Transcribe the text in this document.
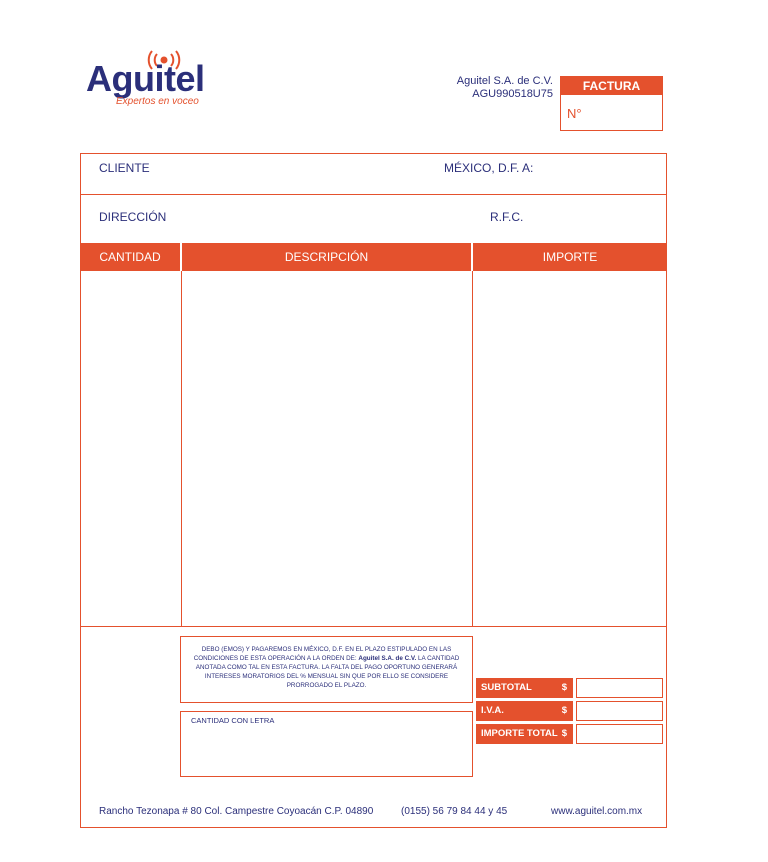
Aguitel
Expertos en voceo
Aguitel S.A. de C.V.
AGU990518U75
FACTURA
N°
CLIENTE	MÉXICO, D.F. A:
DIRECCIÓN	R.F.C.
CANTIDAD	DESCRIPCIÓN	IMPORTE
DEBO (EMOS) Y PAGAREMOS EN MÉXICO, D.F. EN EL PLAZO ESTIPULADO EN LAS CONDICIONES DE ESTA OPERACIÓN A LA ORDEN DE: Aguitel S.A. de C.V. LA CANTIDAD ANOTADA COMO TAL EN ESTA FACTURA. LA FALTA DEL PAGO OPORTUNO GENERARÁ INTERESES MORATORIOS DEL % MENSUAL SIN QUE POR ELLO SE CONSIDERE PRORROGADO EL PLAZO.
CANTIDAD CON LETRA
SUBTOTAL	$
I.V.A.	$
IMPORTE TOTAL $
Rancho Tezonapa # 80 Col. Campestre Coyoacán C.P. 04890	(0155) 56 79 84 44 y 45	www.aguitel.com.mx
